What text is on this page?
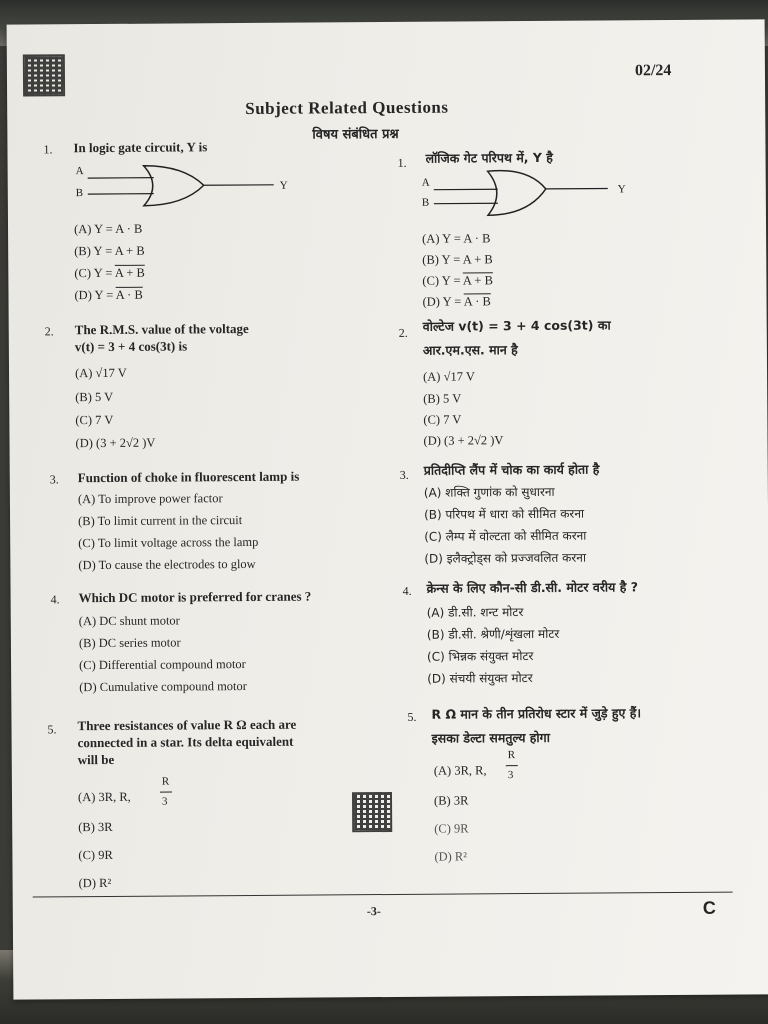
02/24
Subject Related Questions
विषय संबंधित प्रश्न
1. In logic gate circuit, Y is
A
B
Y
(A) Y = A · B
(B) Y = A + B
(C) Y = A + B
(D) Y = A · B
2. The R.M.S. value of the voltage
v(t) = 3 + 4 cos(3t) is
(A) √17 V
(B) 5 V
(C) 7 V
(D) (3 + 2√2 )V
3. Function of choke in fluorescent lamp is
(A) To improve power factor
(B) To limit current in the circuit
(C) To limit voltage across the lamp
(D) To cause the electrodes to glow
4. Which DC motor is preferred for cranes ?
(A) DC shunt motor
(B) DC series motor
(C) Differential compound motor
(D) Cumulative compound motor
5. Three resistances of value R Ω each are
connected in a star. Its delta equivalent
will be
(A) 3R, R,
R
3
(B) 3R
(C) 9R
(D) R²
1. लॉजिक गेट परिपथ में, Y है
A
B
Y
(A) Y = A · B
(B) Y = A + B
(C) Y = A + B
(D) Y = A · B
2. वोल्टेज v(t) = 3 + 4 cos(3t) का
आर.एम.एस. मान है
(A) √17 V
(B) 5 V
(C) 7 V
(D) (3 + 2√2 )V
3. प्रतिदीप्ति लैंप में चोक का कार्य होता है
(A) शक्ति गुणांक को सुधारना
(B) परिपथ में धारा को सीमित करना
(C) लैम्प में वोल्टता को सीमित करना
(D) इलैक्ट्रोड्स को प्रज्जवलित करना
4. क्रेन्स के लिए कौन-सी डी.सी. मोटर वरीय है ?
(A) डी.सी. शन्ट मोटर
(B) डी.सी. श्रेणी/शृंखला मोटर
(C) भिन्नक संयुक्त मोटर
(D) संचयी संयुक्त मोटर
5. R Ω मान के तीन प्रतिरोध स्टार में जुड़े हुए हैं।
इसका डेल्टा समतुल्य होगा
(A) 3R, R,
R
3
(B) 3R
(C) 9R
(D) R²
-3-	C
